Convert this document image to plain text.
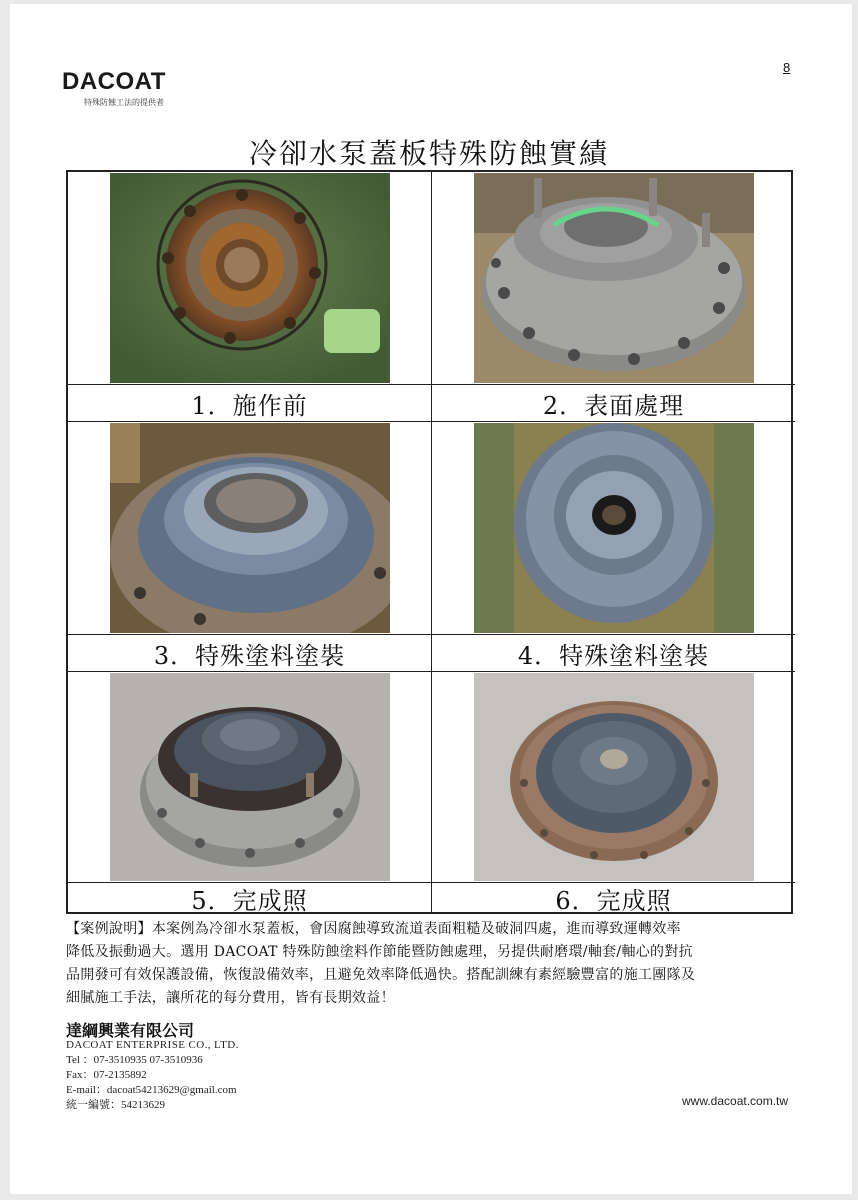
8
DACOAT
特殊防蝕工法的提供者
冷卻水泵蓋板特殊防蝕實績
1．施作前	2．表面處理
3．特殊塗料塗裝	4．特殊塗料塗裝
5．完成照	6．完成照
【案例說明】本案例為冷卻水泵蓋板，會因腐蝕導致流道表面粗糙及破洞四處，進而導致運轉效率
降低及振動過大。選用 DACOAT 特殊防蝕塗料作節能暨防蝕處理，另提供耐磨環/軸套/軸心的對抗
品開發可有效保護設備，恢復設備效率，且避免效率降低過快。搭配訓練有素經驗豐富的施工團隊及
細膩施工手法，讓所花的每分費用，皆有長期效益！
達綱興業有限公司
DACOAT ENTERPRISE CO., LTD.
Tel ：07-3510935 07-3510936
Fax：07-2135892
E-mail：dacoat54213629@gmail.com
統一編號：54213629	www.dacoat.com.tw
